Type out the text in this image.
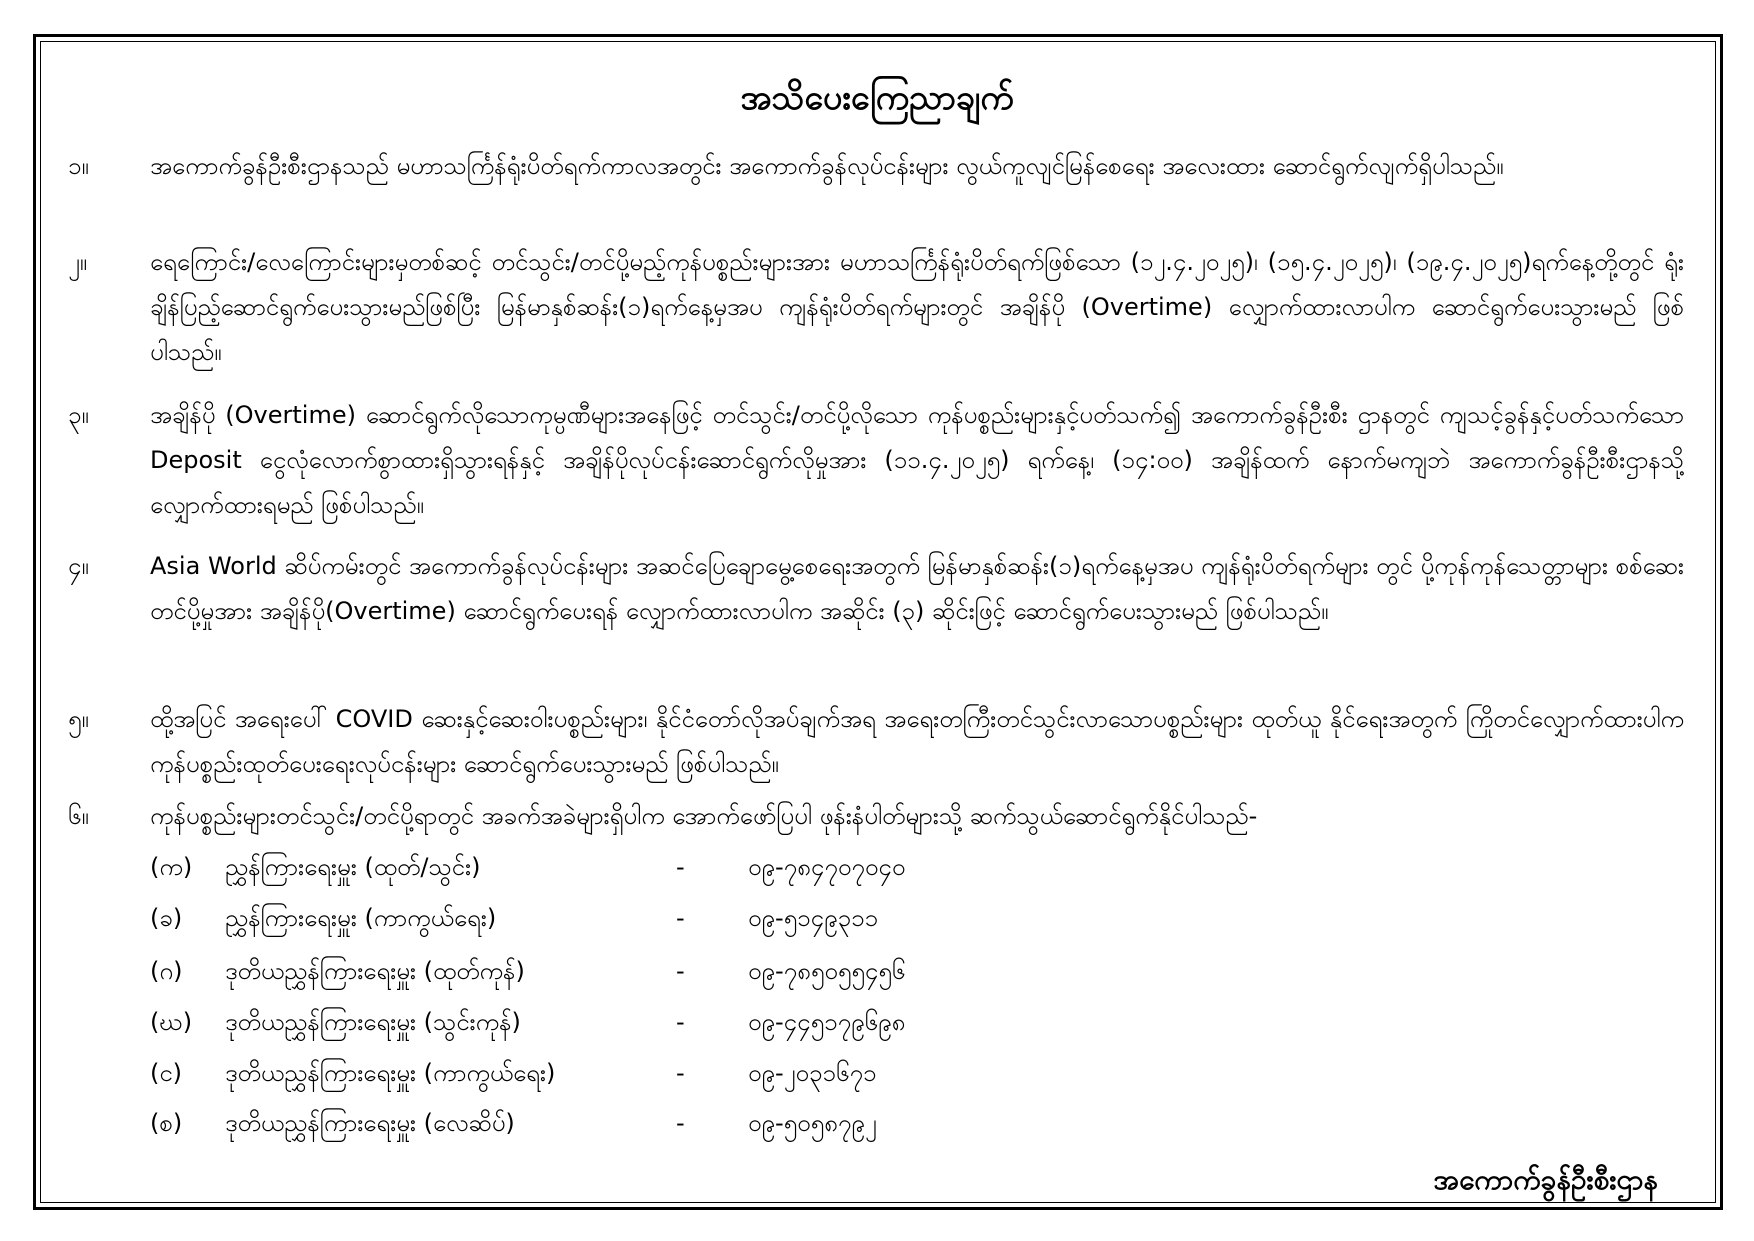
အသိပေးကြေညာချက်
၁။	အကောက်ခွန်ဦးစီးဌာနသည် မဟာသင်္ကြန်ရုံးပိတ်ရက်ကာလအတွင်း အကောက်ခွန်လုပ်ငန်းများ လွယ်ကူလျင်မြန်စေရေး အလေးထား ဆောင်ရွက်လျက်ရှိပါသည်။

၂။	ရေကြောင်း/လေကြောင်းများမှတစ်ဆင့် တင်သွင်း/တင်ပို့မည့်ကုန်ပစ္စည်းများအား မဟာသင်္ကြန်ရုံးပိတ်ရက်ဖြစ်သော (၁၂.၄.၂၀၂၅)၊ (၁၅.၄.၂၀၂၅)၊ (၁၉.၄.၂၀၂၅)ရက်နေ့တို့တွင် ရုံးချိန်ပြည့်ဆောင်ရွက်ပေးသွားမည်ဖြစ်ပြီး မြန်မာနှစ်ဆန်း(၁)ရက်နေ့မှအပ ကျန်ရုံးပိတ်ရက်များတွင် အချိန်ပို (Overtime) လျှောက်ထားလာပါက ဆောင်ရွက်ပေးသွားမည် ဖြစ်ပါသည်။

၃။	အချိန်ပို (Overtime) ဆောင်ရွက်လိုသောကုမ္ပဏီများအနေဖြင့် တင်သွင်း/တင်ပို့လိုသော ကုန်ပစ္စည်းများနှင့်ပတ်သက်၍ အကောက်ခွန်ဦးစီး ဌာနတွင် ကျသင့်ခွန်နှင့်ပတ်သက်သော Deposit ငွေလုံလောက်စွာထားရှိသွားရန်နှင့် အချိန်ပိုလုပ်ငန်းဆောင်ရွက်လိုမှုအား (၁၁.၄.၂၀၂၅) ရက်နေ့၊ (၁၄:၀၀) အချိန်ထက် နောက်မကျဘဲ အကောက်ခွန်ဦးစီးဌာနသို့ လျှောက်ထားရမည် ဖြစ်ပါသည်။

၄။	Asia World ဆိပ်ကမ်းတွင် အကောက်ခွန်လုပ်ငန်းများ အဆင်ပြေချောမွေ့စေရေးအတွက် မြန်မာနှစ်ဆန်း(၁)ရက်နေ့မှအပ ကျန်ရုံးပိတ်ရက်များ တွင် ပို့ကုန်ကုန်သေတ္တာများ စစ်ဆေးတင်ပို့မှုအား အချိန်ပို(Overtime) ဆောင်ရွက်ပေးရန် လျှောက်ထားလာပါက အဆိုင်း (၃) ဆိုင်းဖြင့် ဆောင်ရွက်ပေးသွားမည် ဖြစ်ပါသည်။

၅။	ထို့အပြင် အရေးပေါ် COVID ဆေးနှင့်ဆေးဝါးပစ္စည်းများ၊ နိုင်ငံတော်လိုအပ်ချက်အရ အရေးတကြီးတင်သွင်းလာသောပစ္စည်းများ ထုတ်ယူ နိုင်ရေးအတွက် ကြိုတင်လျှောက်ထားပါက ကုန်ပစ္စည်းထုတ်ပေးရေးလုပ်ငန်းများ ဆောင်ရွက်ပေးသွားမည် ဖြစ်ပါသည်။

၆။	ကုန်ပစ္စည်းများတင်သွင်း/တင်ပို့ရာတွင် အခက်အခဲများရှိပါက အောက်ဖော်ပြပါ ဖုန်းနံပါတ်များသို့ ဆက်သွယ်ဆောင်ရွက်နိုင်ပါသည်-

(က)	ညွှန်ကြားရေးမှူး (ထုတ်/သွင်း)	-	၀၉-၇၈၄၇၀၇၀၄၀
(ခ)	ညွှန်ကြားရေးမှူး (ကာကွယ်ရေး)	-	၀၉-၅၁၄၉၃၁၁
(ဂ)	ဒုတိယညွှန်ကြားရေးမှူး (ထုတ်ကုန်)	-	၀၉-၇၈၅၀၅၅၄၅၆
(ဃ)	ဒုတိယညွှန်ကြားရေးမှူး (သွင်းကုန်)	-	၀၉-၄၄၅၁၇၉၆၉၈
(င)	ဒုတိယညွှန်ကြားရေးမှူး (ကာကွယ်ရေး)	-	၀၉-၂၀၃၁၆၇၁
(စ)	ဒုတိယညွှန်ကြားရေးမှူး (လေဆိပ်)	-	၀၉-၅၀၅၈၇၉၂

အကောက်ခွန်ဦးစီးဌာန
